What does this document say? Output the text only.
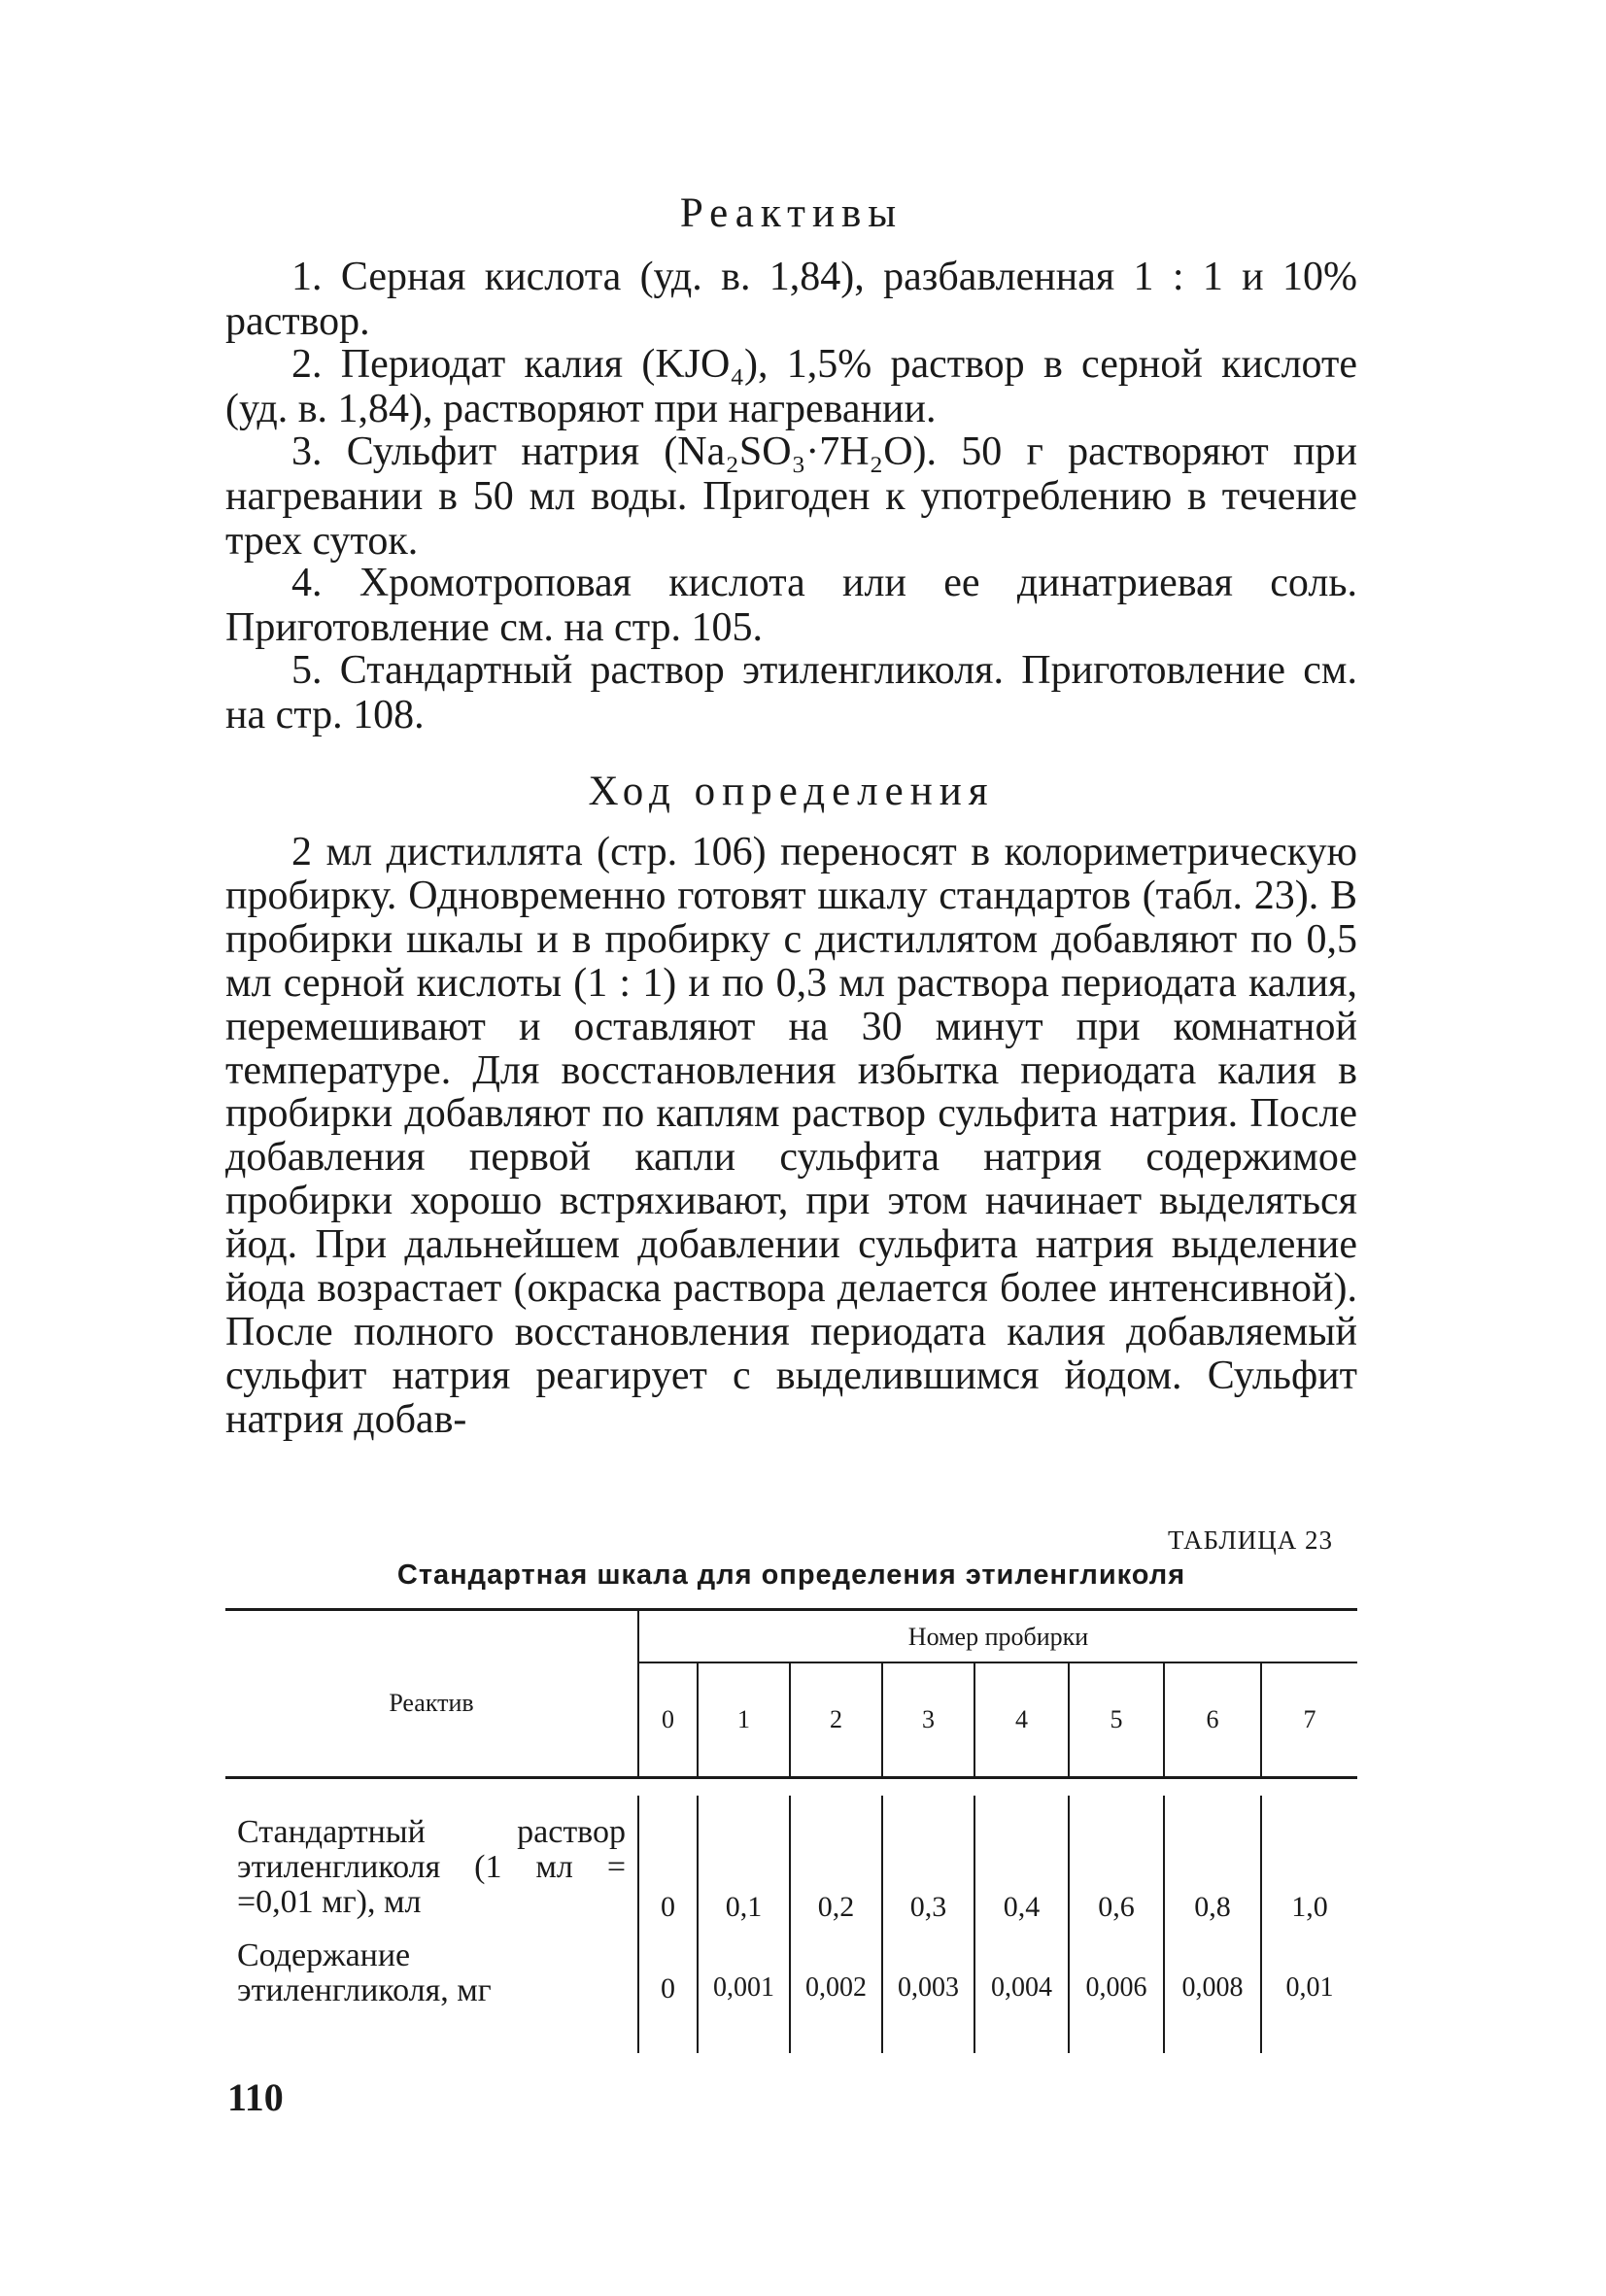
Реактивы

1. Серная кислота (уд. в. 1,84), разбавленная 1 : 1 и 10% раствор.

2. Периодат калия (KJO₄), 1,5% раствор в серной кислоте (уд. в. 1,84), растворяют при нагревании.

3. Сульфит натрия (Na₂SO₃·7H₂O). 50 г растворяют при нагревании в 50 мл воды. Пригоден к употреблению в течение трех суток.

4. Хромотроповая кислота или ее динатриевая соль. Приготовление см. на стр. 105.

5. Стандартный раствор этиленгликоля. Приготовление см. на стр. 108.

Ход определения

2 мл дистиллята (стр. 106) переносят в колориметрическую пробирку. Одновременно готовят шкалу стандартов (табл. 23). В пробирки шкалы и в пробирку с дистиллятом добавляют по 0,5 мл серной кислоты (1 : 1) и по 0,3 мл раствора периодата калия, перемешивают и оставляют на 30 минут при комнатной температуре. Для восстановления избытка периодата калия в пробирки добавляют по каплям раствор сульфита натрия. После добавления первой капли сульфита натрия содержимое пробирки хорошо встряхивают, при этом начинает выделяться йод. При дальнейшем добавлении сульфита натрия выделение йода возрастает (окраска раствора делается более интенсивной). После полного восстановления периодата калия добавляемый сульфит натрия реагирует с выделившимся йодом. Сульфит натрия добав-

ТАБЛИЦА 23
Стандартная шкала для определения этиленгликоля
Реактив
Номер пробирки
0	1	2	3	4	5	6	7
Стандартный раствор этиленгликоля (1 мл = =0,01 мг), мл	0	0,1	0,2	0,3	0,4	0,6	0,8	1,0
Содержание этиленгликоля, мг	0	0,001	0,002	0,003	0,004	0,006	0,008	0,01
110
